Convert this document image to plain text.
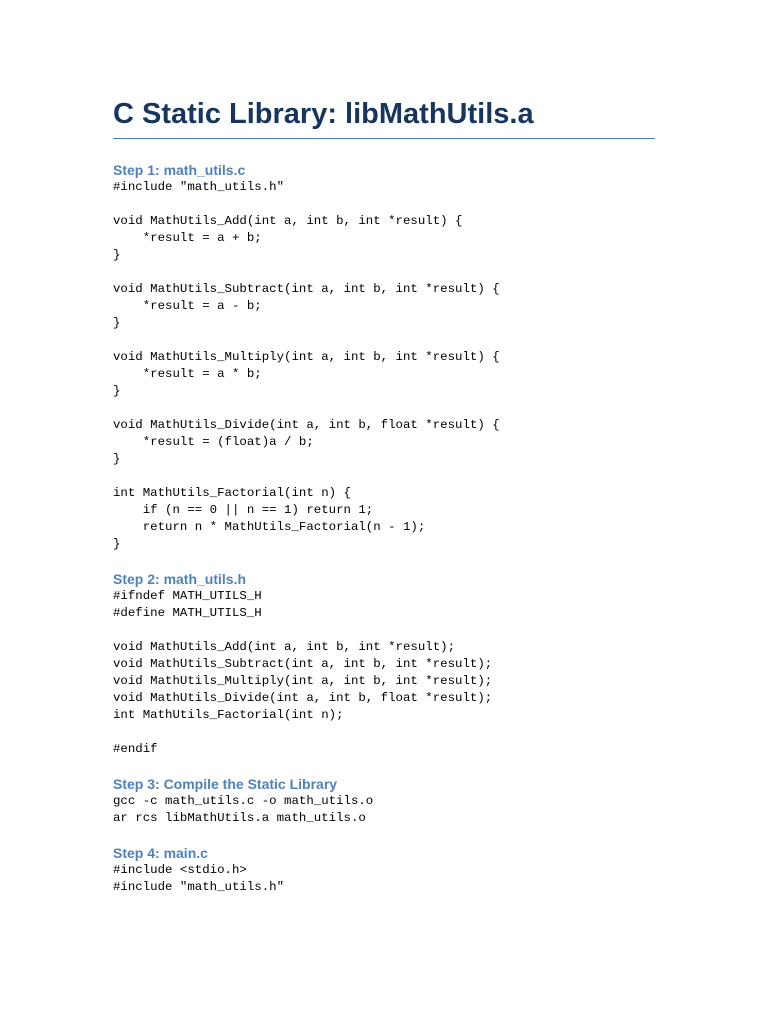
C Static Library: libMathUtils.a
Step 1: math_utils.c
#include "math_utils.h"

void MathUtils_Add(int a, int b, int *result) {
*result = a + b;
}

void MathUtils_Subtract(int a, int b, int *result) {
*result = a - b;
}

void MathUtils_Multiply(int a, int b, int *result) {
*result = a * b;
}

void MathUtils_Divide(int a, int b, float *result) {
*result = (float)a / b;
}

int MathUtils_Factorial(int n) {
if (n == 0 || n == 1) return 1;
return n * MathUtils_Factorial(n - 1);
}
Step 2: math_utils.h
#ifndef MATH_UTILS_H
#define MATH_UTILS_H

void MathUtils_Add(int a, int b, int *result);
void MathUtils_Subtract(int a, int b, int *result);
void MathUtils_Multiply(int a, int b, int *result);
void MathUtils_Divide(int a, int b, float *result);
int MathUtils_Factorial(int n);

#endif
Step 3: Compile the Static Library
gcc -c math_utils.c -o math_utils.o
ar rcs libMathUtils.a math_utils.o
Step 4: main.c
#include <stdio.h>
#include "math_utils.h"
